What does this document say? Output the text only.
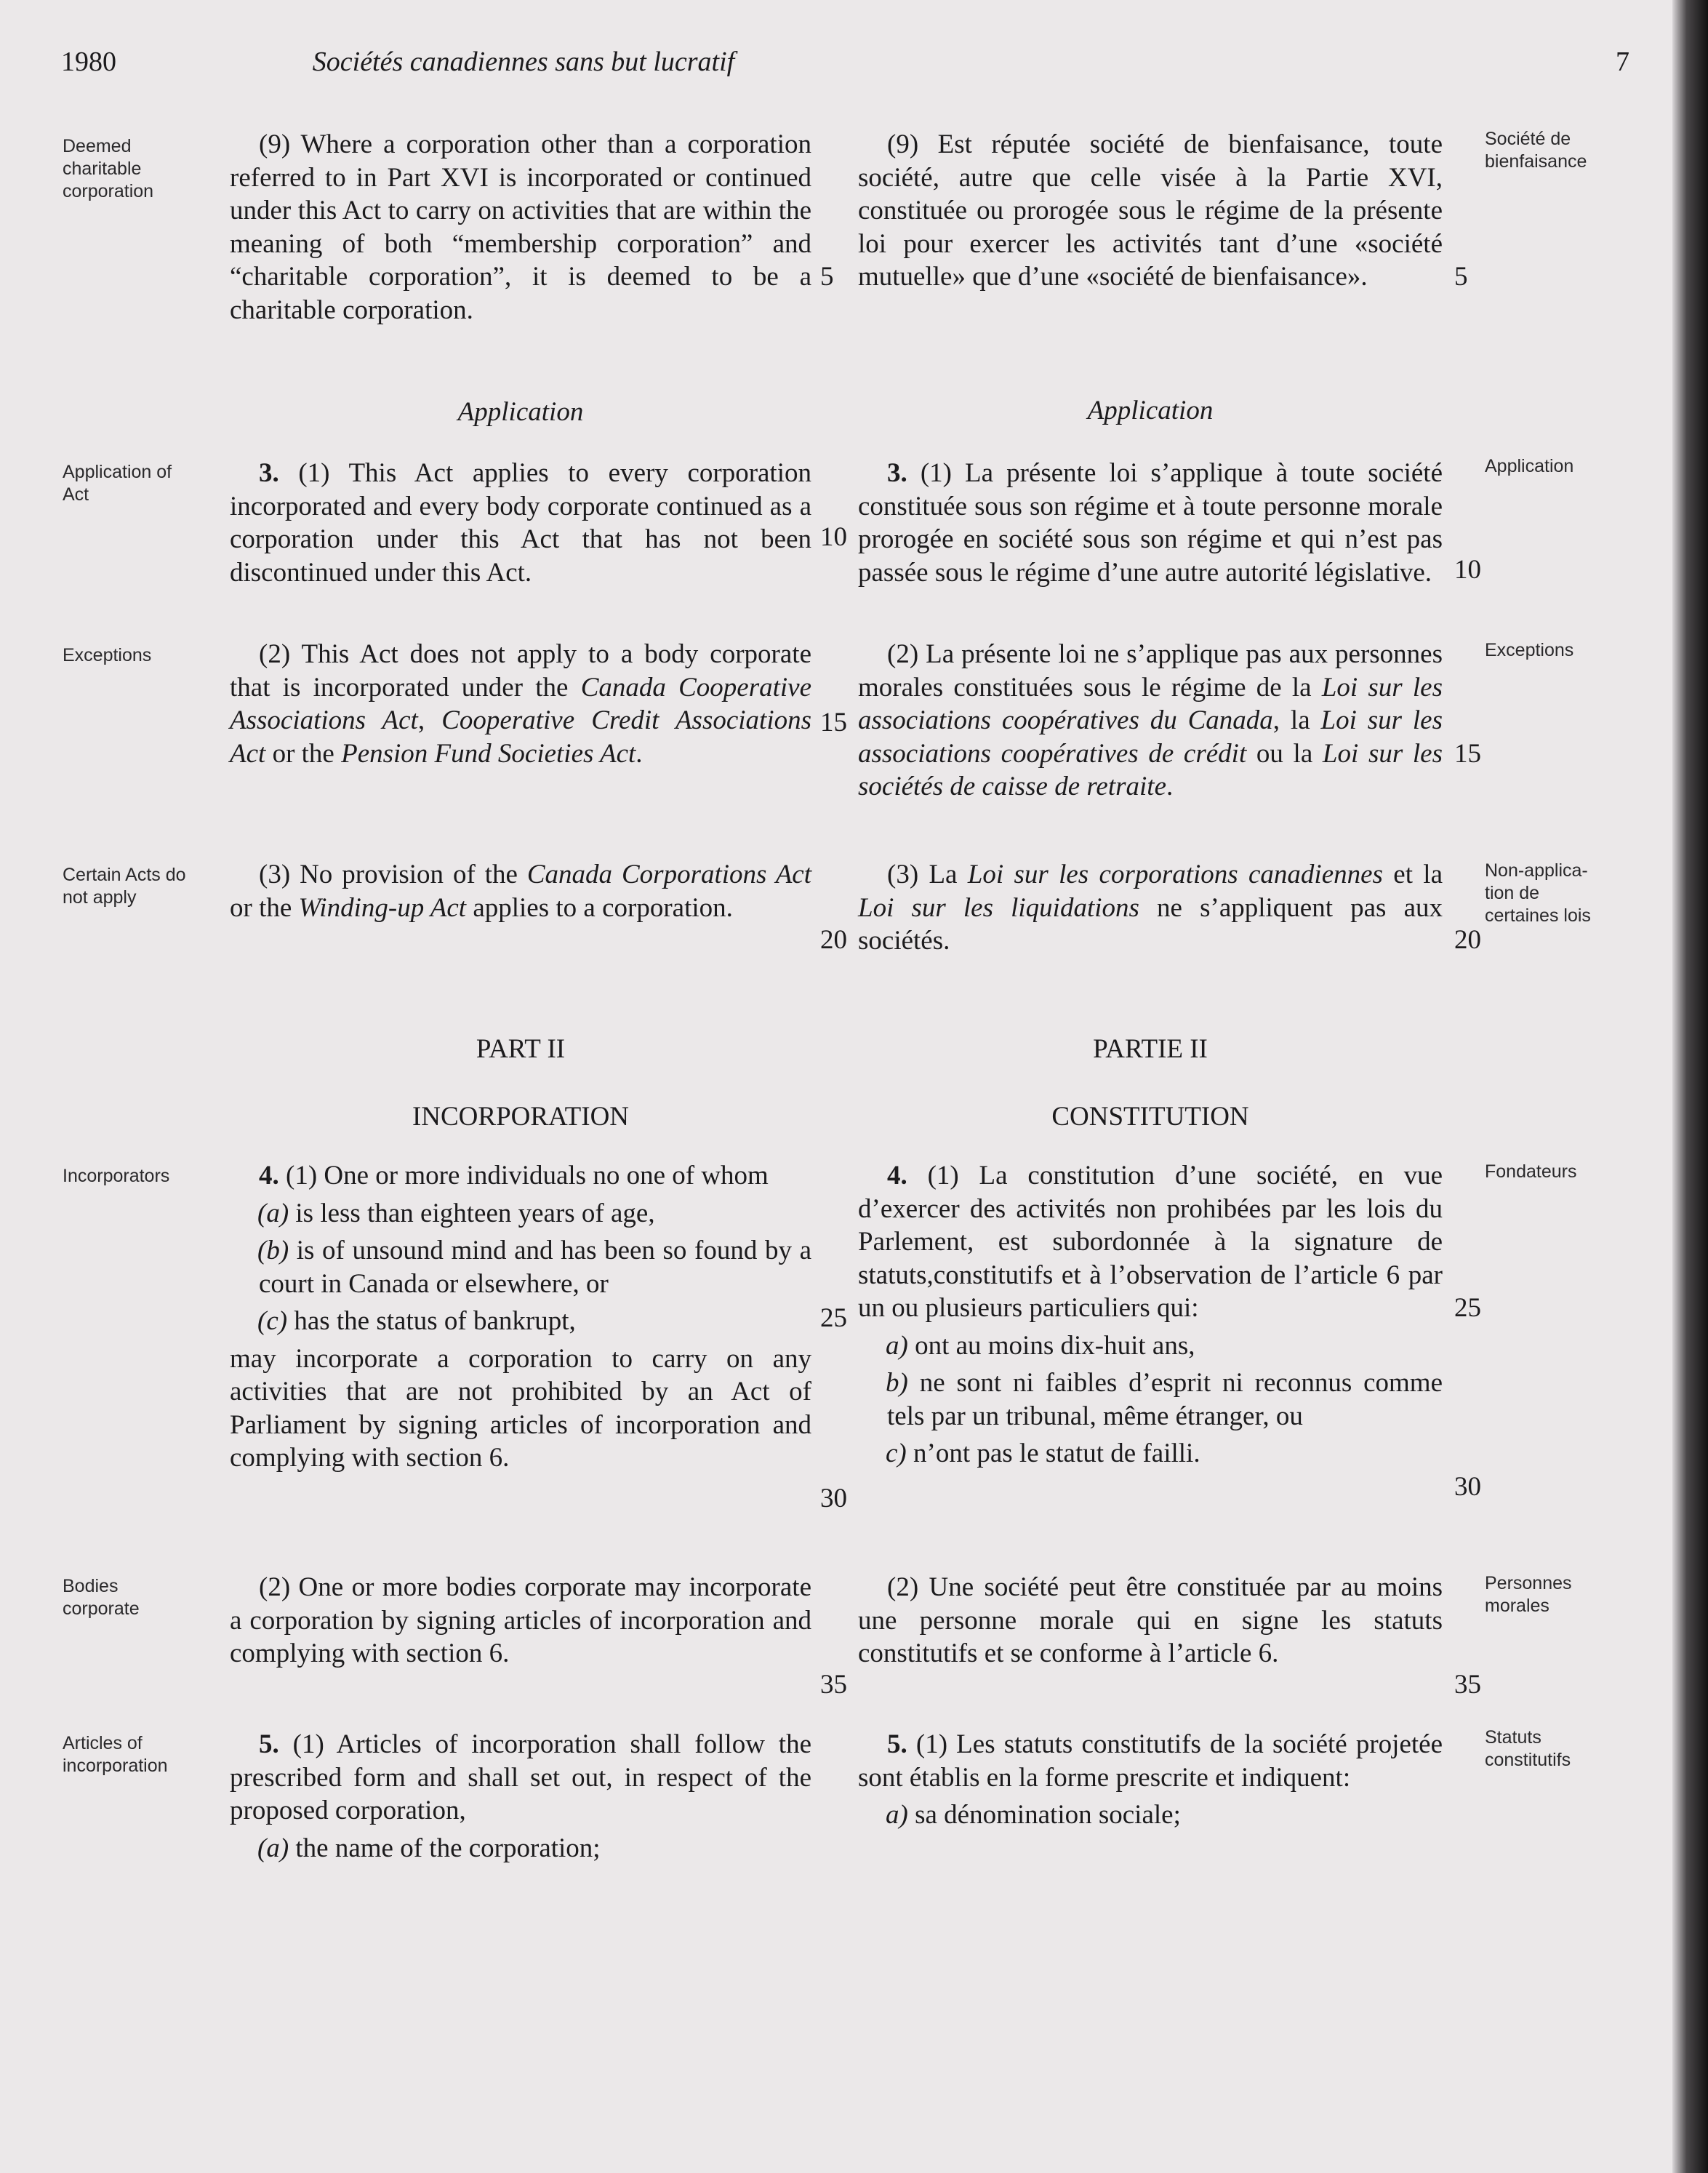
1980	Sociétés canadiennes sans but lucratif	7
Deemed
charitable
corporation
Application of
Act
Exceptions
Certain Acts do
not apply
Incorporators
Bodies
corporate
Articles of
incorporation
Société de
bienfaisance
Application
Exceptions
Non-applica-
tion de
certaines lois
Fondateurs
Personnes
morales
Statuts
constitutifs

(9) Where a corporation other than a corporation referred to in Part XVI is incorporated or continued under this Act to carry on activities that are within the meaning of both “membership corporation” and “charitable corporation”, it is deemed to be a charitable corporation.

Application

3. (1) This Act applies to every corporation incorporated and every body corporate continued as a corporation under this Act that has not been discontinued under this Act.

(2) This Act does not apply to a body corporate that is incorporated under the Canada Cooperative Associations Act, Cooperative Credit Associations Act or the Pension Fund Societies Act.

(3) No provision of the Canada Corporations Act or the Winding-up Act applies to a corporation.

PART II

INCORPORATION

4. (1) One or more individuals no one of whom

(a) is less than eighteen years of age,

(b) is of unsound mind and has been so found by a court in Canada or elsewhere, or

(c) has the status of bankrupt,

may incorporate a corporation to carry on any activities that are not prohibited by an Act of Parliament by signing articles of incorporation and complying with section 6.

(2) One or more bodies corporate may incorporate a corporation by signing articles of incorporation and complying with section 6.

5. (1) Articles of incorporation shall follow the prescribed form and shall set out, in respect of the proposed corporation,

(a) the name of the corporation;

(9) Est réputée société de bienfaisance, toute société, autre que celle visée à la Partie XVI, constituée ou prorogée sous le régime de la présente loi pour exercer les activités tant d’une «société mutuelle» que d’une «société de bienfaisance».

Application

3. (1) La présente loi s’applique à toute société constituée sous son régime et à toute personne morale prorogée en société sous son régime et qui n’est pas passée sous le régime d’une autre autorité législative.

(2) La présente loi ne s’applique pas aux personnes morales constituées sous le régime de la Loi sur les associations coopératives du Canada, la Loi sur les associations coopératives de crédit ou la Loi sur les sociétés de caisse de retraite.

(3) La Loi sur les corporations canadiennes et la Loi sur les liquidations ne s’appliquent pas aux sociétés.

PARTIE II

CONSTITUTION

4. (1) La constitution d’une société, en vue d’exercer des activités non prohibées par les lois du Parlement, est subordonnée à la signature de statuts,constitutifs et à l’observation de l’article 6 par un ou plusieurs particuliers qui:

a) ont au moins dix-huit ans,

b) ne sont ni faibles d’esprit ni reconnus comme tels par un tribunal, même étranger, ou

c) n’ont pas le statut de failli.

(2) Une société peut être constituée par au moins une personne morale qui en signe les statuts constitutifs et se conforme à l’article 6.

5. (1) Les statuts constitutifs de la société projetée sont établis en la forme prescrite et indiquent:

a) sa dénomination sociale;

5
10
15
20
25
30
35
5
10
15
20
25
30
35
